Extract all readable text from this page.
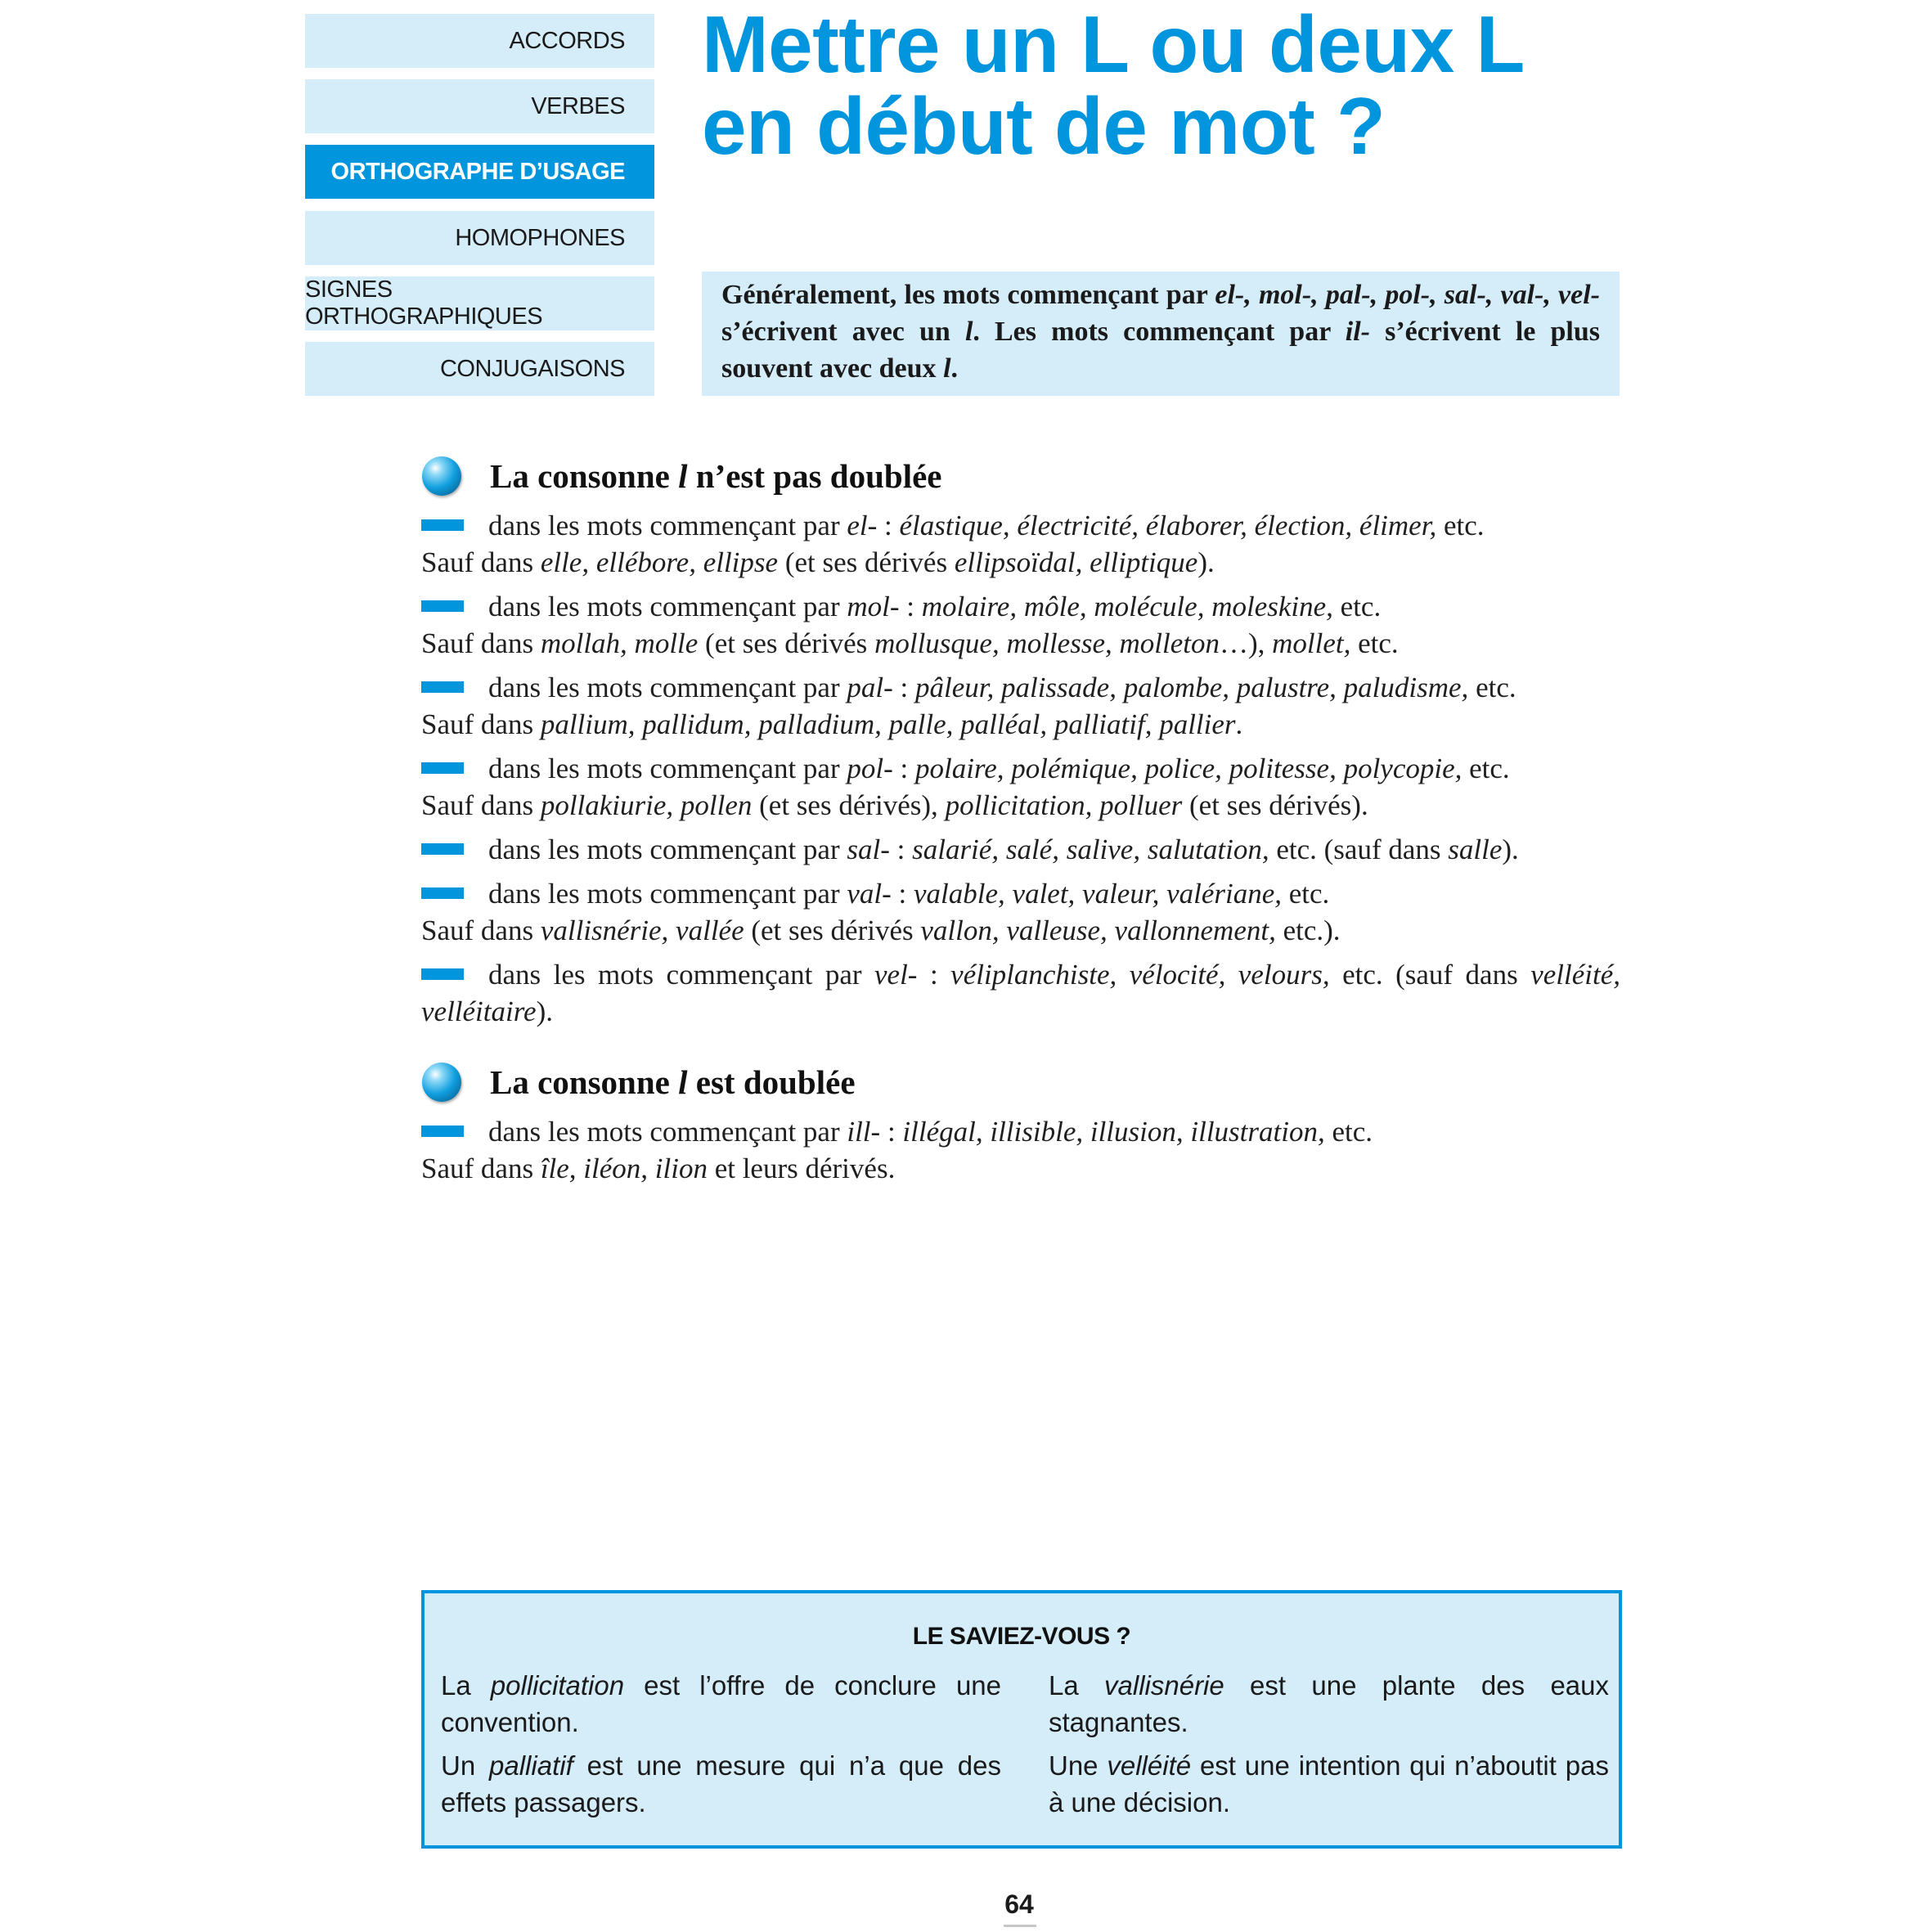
ACCORDS
VERBES
ORTHOGRAPHE D’USAGE
HOMOPHONES
SIGNES ORTHOGRAPHIQUES
CONJUGAISONS
Mettre un L ou deux L
en début de mot ?
Généralement, les mots commençant par el-, mol-, pal-, pol-, sal-, val-, vel- s’écrivent avec un l. Les mots commençant par il- s’écrivent le plus souvent avec deux l.
La consonne l n’est pas doublée

dans les mots commençant par el- : élastique, électricité, élaborer, élection, élimer, etc.

Sauf dans elle, ellébore, ellipse (et ses dérivés ellipsoïdal, elliptique).

dans les mots commençant par mol- : molaire, môle, molécule, moleskine, etc.

Sauf dans mollah, molle (et ses dérivés mollusque, mollesse, molleton…), mollet, etc.

dans les mots commençant par pal- : pâleur, palissade, palombe, palustre, paludisme, etc.

Sauf dans pallium, pallidum, palladium, palle, palléal, palliatif, pallier.

dans les mots commençant par pol- : polaire, polémique, police, politesse, polycopie, etc.

Sauf dans pollakiurie, pollen (et ses dérivés), pollicitation, polluer (et ses dérivés).

dans les mots commençant par sal- : salarié, salé, salive, salutation, etc. (sauf dans salle).

dans les mots commençant par val- : valable, valet, valeur, valériane, etc.

Sauf dans vallisnérie, vallée (et ses dérivés vallon, valleuse, vallonnement, etc.).

dans les mots commençant par vel- : véliplanchiste, vélocité, velours, etc. (sauf dans velléité, velléitaire).

La consonne l est doublée

dans les mots commençant par ill- : illégal, illisible, illusion, illustration, etc.

Sauf dans île, iléon, ilion et leurs dérivés.

LE SAVIEZ-VOUS ?

La pollicitation est l’offre de conclure une convention.

Un palliatif est une mesure qui n’a que des effets passagers.

La vallisnérie est une plante des eaux stagnantes.

Une velléité est une intention qui n’aboutit pas à une décision.

64
